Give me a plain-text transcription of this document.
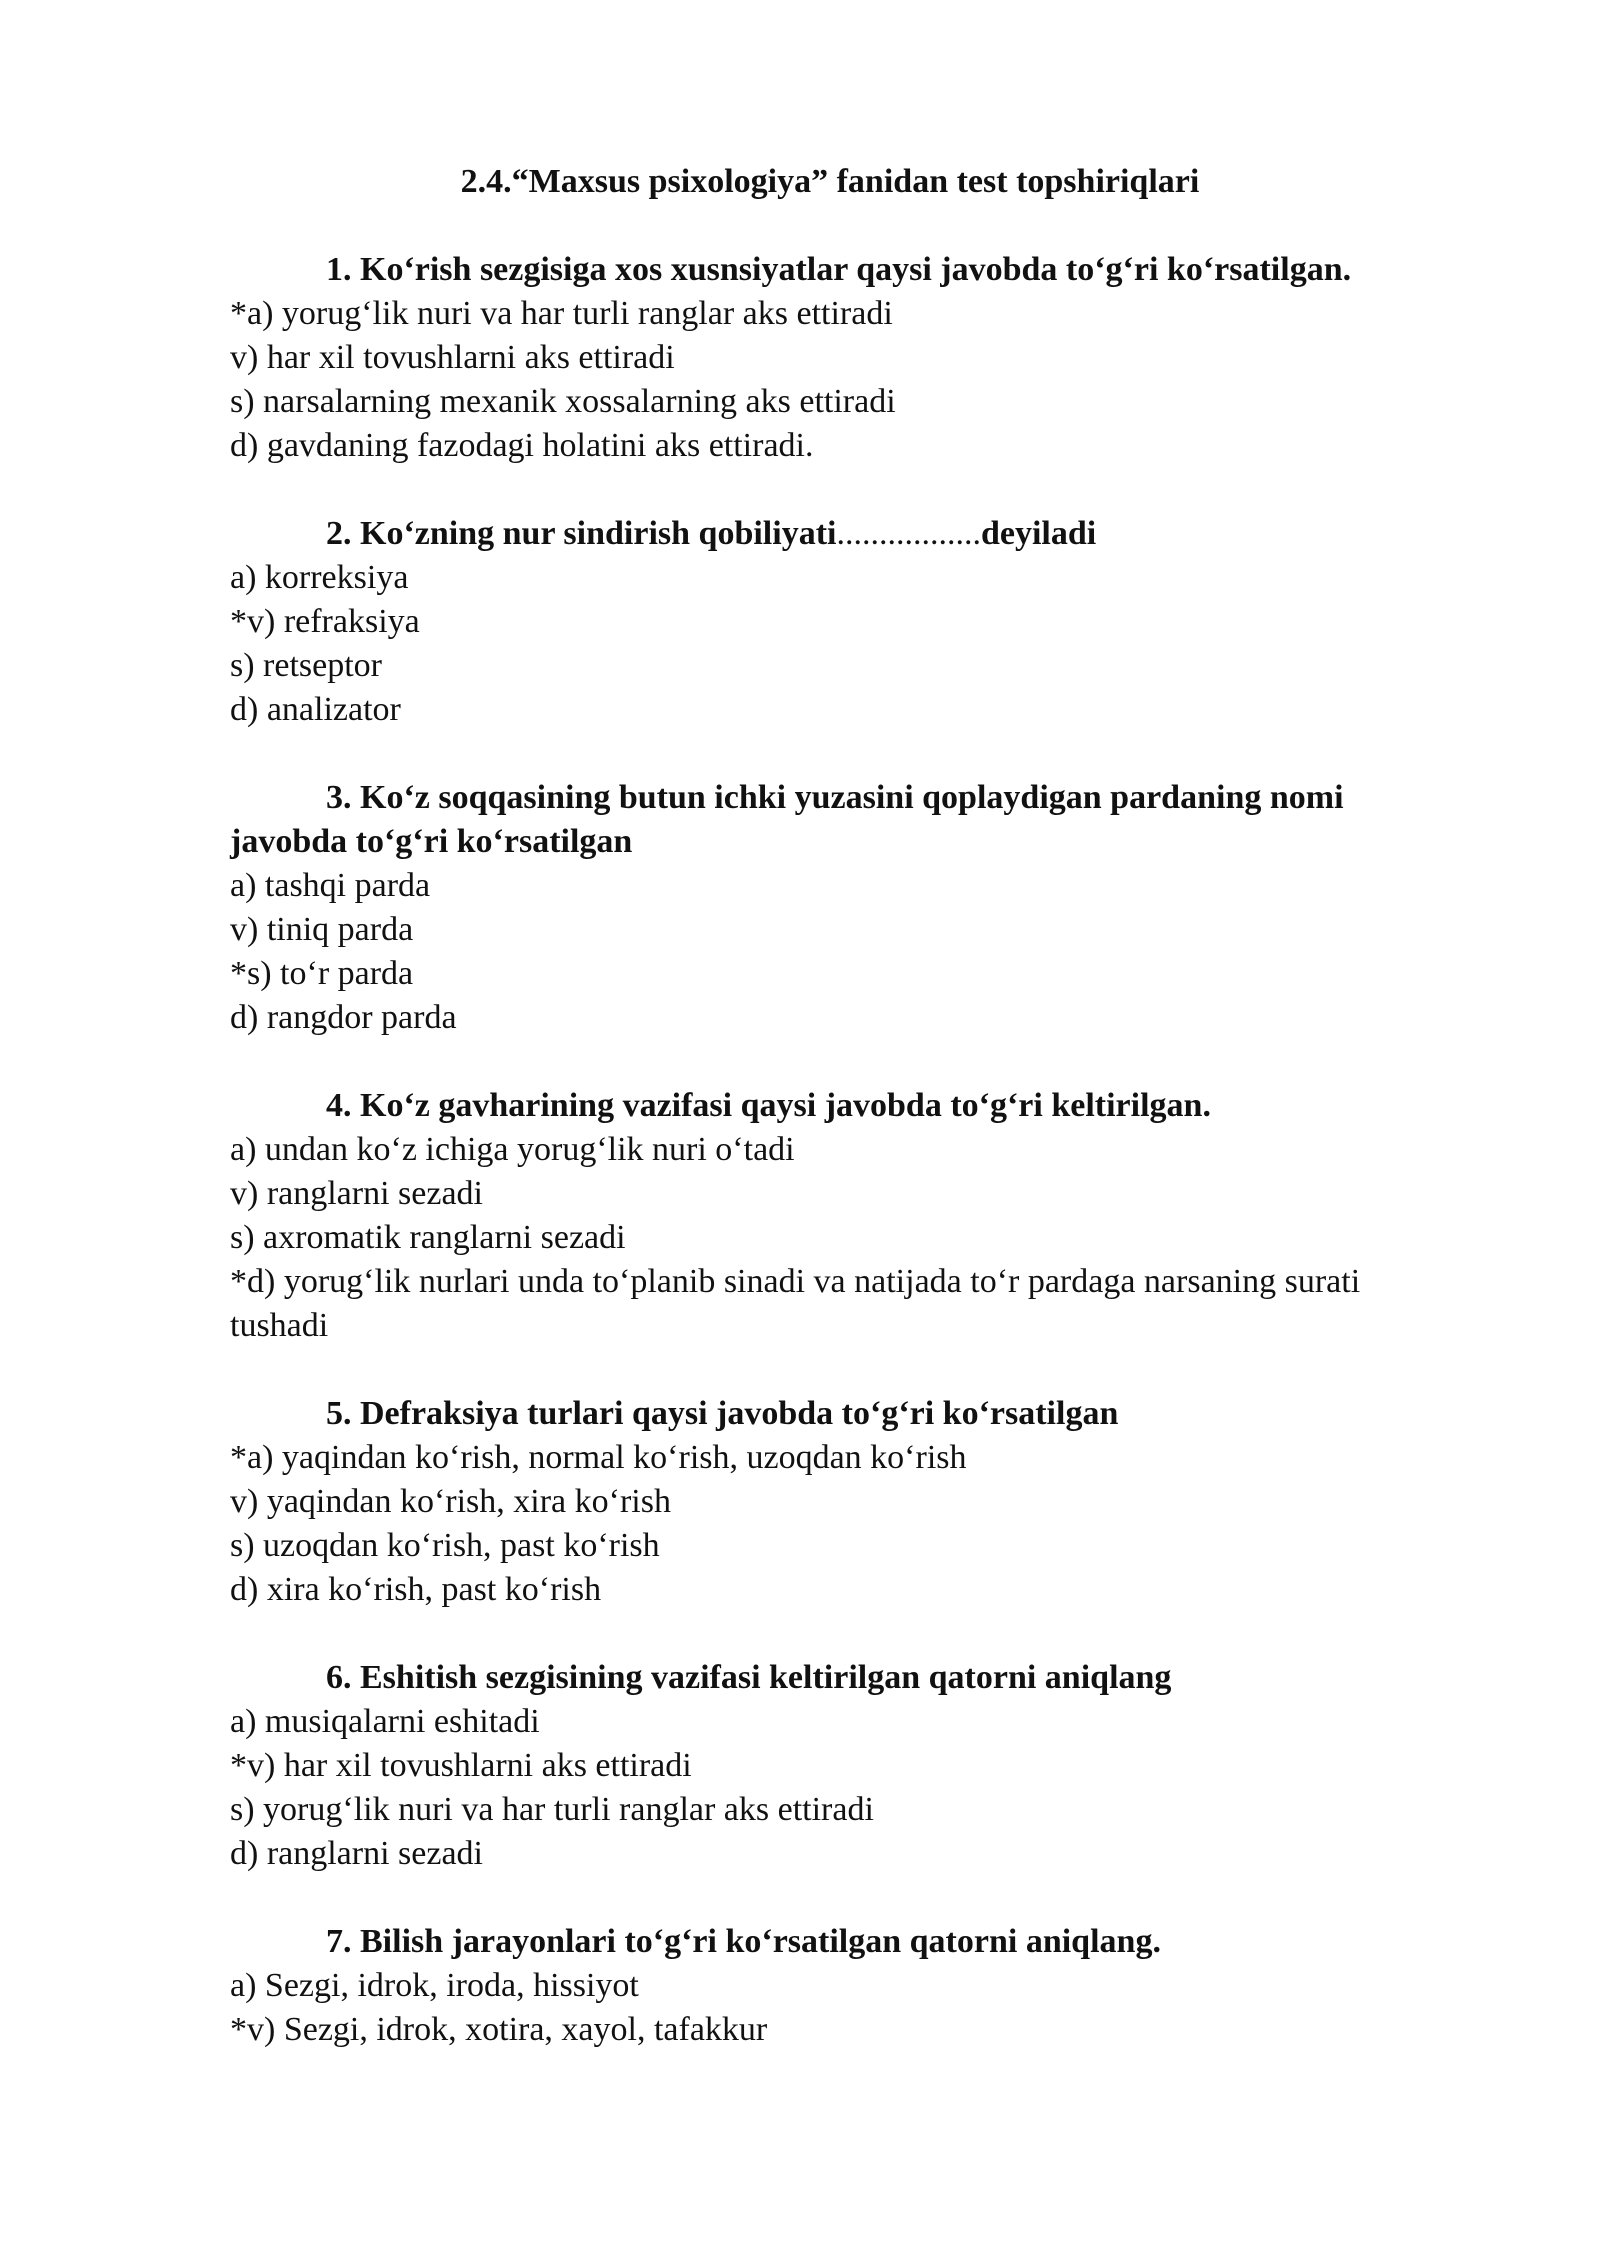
2.4.“Maxsus psixologiya” fanidan test topshiriqlari

1. Ko‘rish sezgisiga xos xusnsiyatlar qaysi javobda to‘g‘ri ko‘rsatilgan.

*a) yorug‘lik nuri va har turli ranglar aks ettiradi

v) har xil tovushlarni aks ettiradi

s) narsalarning mexanik xossalarning aks ettiradi

d) gavdaning fazodagi holatini aks ettiradi.

2. Ko‘zning nur sindirish qobiliyati.................deyiladi

a) korreksiya

*v) refraksiya

s) retseptor

d) analizator

3. Ko‘z soqqasining butun ichki yuzasini qoplaydigan pardaning nomi javobda to‘g‘ri ko‘rsatilgan

a) tashqi parda

v) tiniq parda

*s) to‘r parda

d) rangdor parda

4. Ko‘z gavharining vazifasi qaysi javobda to‘g‘ri keltirilgan.

a) undan ko‘z ichiga yorug‘lik nuri o‘tadi

v) ranglarni sezadi

s) axromatik ranglarni sezadi

*d) yorug‘lik nurlari unda to‘planib sinadi va natijada to‘r pardaga narsaning surati tushadi

5. Defraksiya turlari qaysi javobda to‘g‘ri ko‘rsatilgan

*a) yaqindan ko‘rish, normal ko‘rish, uzoqdan ko‘rish

v) yaqindan ko‘rish, xira ko‘rish

s) uzoqdan ko‘rish, past ko‘rish

d) xira ko‘rish, past ko‘rish

6. Eshitish sezgisining vazifasi keltirilgan qatorni aniqlang

a) musiqalarni eshitadi

*v) har xil tovushlarni aks ettiradi

s) yorug‘lik nuri va har turli ranglar aks ettiradi

d) ranglarni sezadi

7. Bilish jarayonlari to‘g‘ri ko‘rsatilgan qatorni aniqlang.

a) Sezgi, idrok, iroda, hissiyot

*v) Sezgi, idrok, xotira, xayol, tafakkur
